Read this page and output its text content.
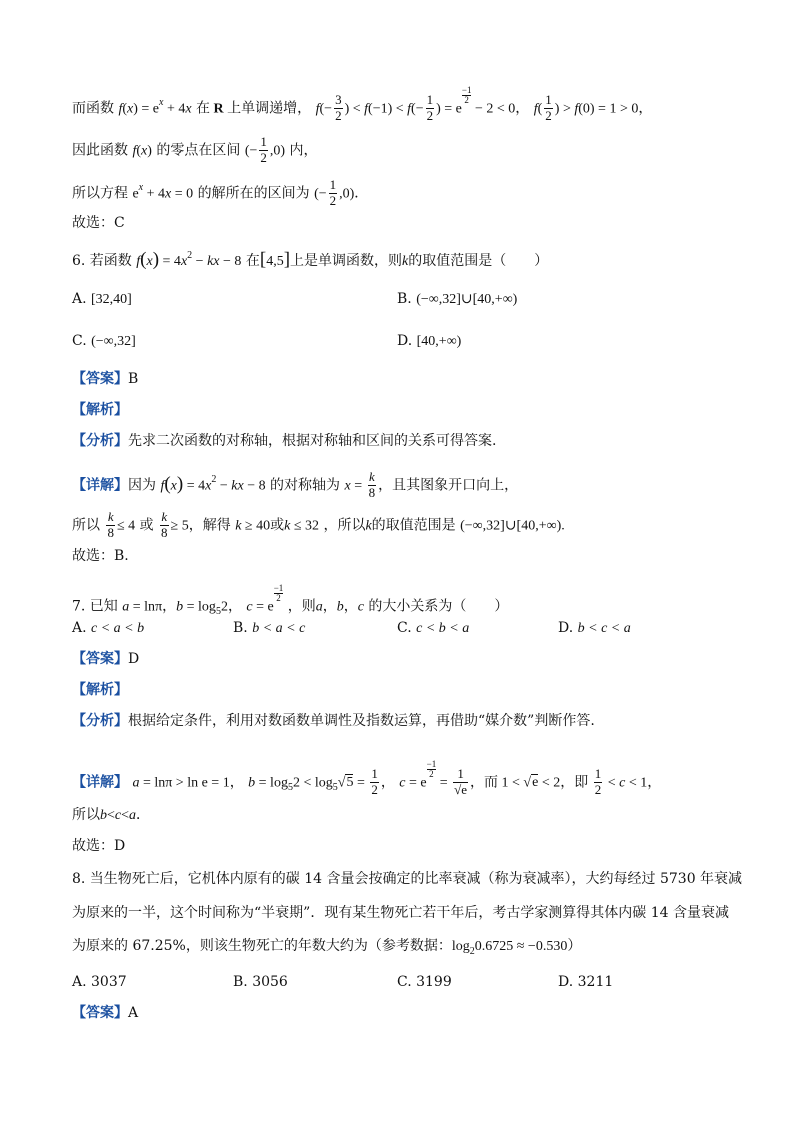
而函数 $f(x) = e^x + 4x$ 在 R 上单调递增， $f(- \frac{3}{2}$ ) < $f(-1) < f(- \frac{1}{2}$ ) = e
$\frac{-1}{2}$
− 2 < 0， $f( \frac{1}{2}$ ) > f(0) = 1 > 0，
因此函数 f(x) 的零点在区间 (− $\frac{1}{2} ,0$) 内，
所以方程 $e^x + 4x = 0$ 的解所在的区间为 (− $\frac{1}{2} ,0$)．
故选：C
6. 若函数 $f(x) = 4x^2$ − kx − 8 在[4,5]上是单调函数，则k的取值范围是（　　）
A. [32,40]	B. (−∞,32]∪[40,+∞)
C. (−∞,32]	D. [40,+∞)
【答案】B
【解析】
【分析】先求二次函数的对称轴，根据对称轴和区间的关系可得答案.
【详解】因为 $f(x) = 4x^2$ − kx − 8 的对称轴为 $x = \frac{k}{8}$ ，且其图象开口向上，
所以 $\frac{k}{8} \le 4$ 或 $\frac{k}{8} \ge 5$，解得 k ≥ 40或k ≤ 32 ，所以k的取值范围是 (−∞,32]∪[40,+∞).
故选：B.
7. 已知 a = lnπ，$b = \log_52$， c = e
$\frac{-1}{2}$
，则a，b，c 的大小关系为（　　）
A. c < a < b	B. b < a < c	C. c < b < a	D. b < c < a
【答案】D
【解析】
【分析】根据给定条件，利用对数函数单调性及指数运算，再借助“媒介数”判断作答.
【详解】 a = lnπ > ln e = 1， $b = \log_52 < \log_5√5 = \frac{1}{2}$ ， c = e
$\frac{-1}{2}$
= $\frac{1}{√e}$ ，而 1 < √e < 2，即 $\frac{1}{2} < c < 1$，
所以b<c<a．
故选：D
8. 当生物死亡后，它机体内原有的碳 14 含量会按确定的比率衰减（称为衰减率），大约每经过 5730 年衰减
为原来的一半，这个时间称为“半衰期”．现有某生物死亡若干年后，考古学家测算得其体内碳 14 含量衰减
为原来的 67.25%，则该生物死亡的年数大约为（参考数据：$\log_20.6725 \approx -0.530$）
A. 3037	B. 3056	C. 3199	D. 3211
【答案】A
